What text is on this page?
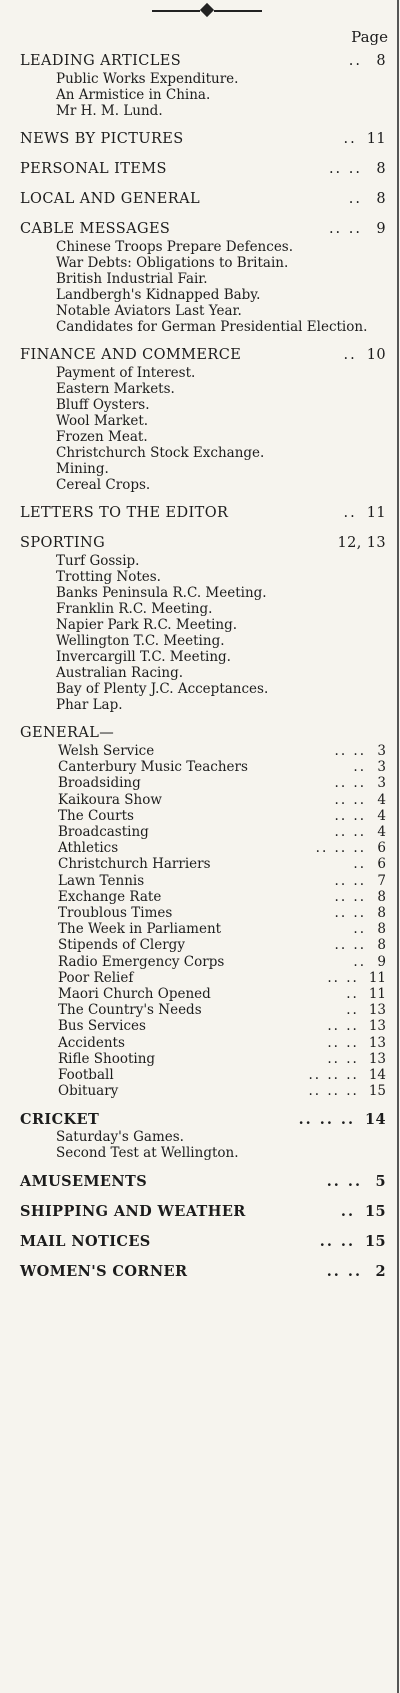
Page
LEADING ARTICLES	.. 8
Public Works Expenditure.
An Armistice in China.
Mr H. M. Lund.
NEWS BY PICTURES	.. 11
PERSONAL ITEMS	.. .. 8
LOCAL AND GENERAL	.. 8
CABLE MESSAGES	.. .. 9
Chinese Troops Prepare Defences.
War Debts: Obligations to Britain.
British Industrial Fair.
Landbergh's Kidnapped Baby.
Notable Aviators Last Year.
Candidates for German Presidential Election.
FINANCE AND COMMERCE	.. 10
Payment of Interest.
Eastern Markets.
Bluff Oysters.
Wool Market.
Frozen Meat.
Christchurch Stock Exchange.
Mining.
Cereal Crops.
LETTERS TO THE EDITOR	.. 11
SPORTING	12, 13
Turf Gossip.
Trotting Notes.
Banks Peninsula R.C. Meeting.
Franklin R.C. Meeting.
Napier Park R.C. Meeting.
Wellington T.C. Meeting.
Invercargill T.C. Meeting.
Australian Racing.
Bay of Plenty J.C. Acceptances.
Phar Lap.
GENERAL—
Welsh Service	.. .. 3
Canterbury Music Teachers	.. 3
Broadsiding	.. .. 3
Kaikoura Show	.. .. 4
The Courts	.. .. 4
Broadcasting	.. .. 4
Athletics	.. .. .. 6
Christchurch Harriers	.. 6
Lawn Tennis	.. .. 7
Exchange Rate	.. .. 8
Troublous Times	.. .. 8
The Week in Parliament	.. 8
Stipends of Clergy	.. .. 8
Radio Emergency Corps	.. 9
Poor Relief	.. .. 11
Maori Church Opened	.. 11
The Country's Needs	.. 13
Bus Services	.. .. 13
Accidents	.. .. 13
Rifle Shooting	.. .. 13
Football	.. .. .. 14
Obituary	.. .. .. 15
CRICKET	.. .. .. 14
Saturday's Games.
Second Test at Wellington.
AMUSEMENTS	.. .. 5
SHIPPING AND WEATHER	.. 15
MAIL NOTICES	.. .. 15
WOMEN'S CORNER	.. .. 2
